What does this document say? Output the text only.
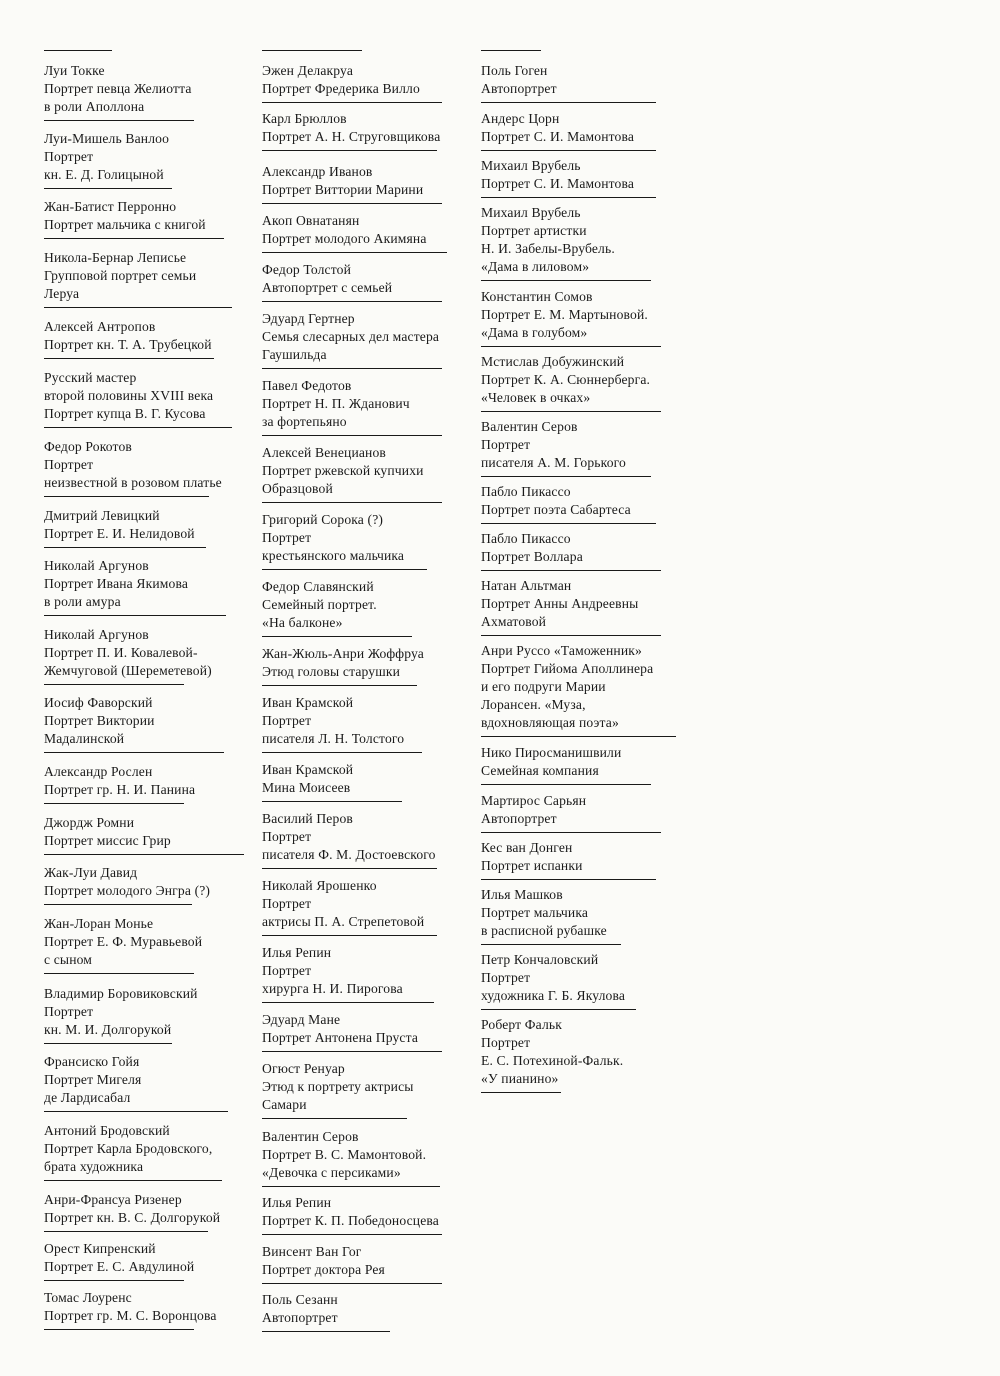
Луи Токке
Портрет певца Желиотта
в роли Аполлона
Луи-Мишель Ванлоо
Портрет
кн. Е. Д. Голицыной
Жан-Батист Перронно
Портрет мальчика с книгой
Никола-Бернар Леписье
Групповой портрет семьи
Леруа
Алексей Антропов
Портрет кн. Т. А. Трубецкой
Русский мастер
второй половины XVIII века
Портрет купца В. Г. Кусова
Федор Рокотов
Портрет
неизвестной в розовом платье
Дмитрий Левицкий
Портрет Е. И. Нелидовой
Николай Аргунов
Портрет Ивана Якимова
в роли амура
Николай Аргунов
Портрет П. И. Ковалевой-
Жемчуговой (Шереметевой)
Иосиф Фаворский
Портрет Виктории
Мадалинской
Александр Рослен
Портрет гр. Н. И. Панина
Джордж Ромни
Портрет миссис Грир
Жак-Луи Давид
Портрет молодого Энгра (?)
Жан-Лоран Монье
Портрет Е. Ф. Муравьевой
с сыном
Владимир Боровиковский
Портрет
кн. М. И. Долгорукой
Франсиско Гойя
Портрет Мигеля
де Лардисабал
Антоний Бродовский
Портрет Карла Бродовского,
брата художника
Анри-Франсуа Ризенер
Портрет кн. В. С. Долгорукой
Орест Кипренский
Портрет Е. С. Авдулиной
Томас Лоуренс
Портрет гр. М. С. Воронцова
Эжен Делакруа
Портрет Фредерика Вилло
Карл Брюллов
Портрет А. Н. Струговщикова
Александр Иванов
Портрет Виттории Марини
Акоп Овнатанян
Портрет молодого Акимяна
Федор Толстой
Автопортрет с семьей
Эдуард Гертнер
Семья слесарных дел мастера
Гаушильда
Павел Федотов
Портрет Н. П. Жданович
за фортепьяно
Алексей Венецианов
Портрет ржевской купчихи
Образцовой
Григорий Сорока (?)
Портрет
крестьянского мальчика
Федор Славянский
Семейный портрет.
«На балконе»
Жан-Жюль-Анри Жоффруа
Этюд головы старушки
Иван Крамской
Портрет
писателя Л. Н. Толстого
Иван Крамской
Мина Моисеев
Василий Перов
Портрет
писателя Ф. М. Достоевского
Николай Ярошенко
Портрет
актрисы П. А. Стрепетовой
Илья Репин
Портрет
хирурга Н. И. Пирогова
Эдуард Мане
Портрет Антонена Пруста
Огюст Ренуар
Этюд к портрету актрисы
Самари
Валентин Серов
Портрет В. С. Мамонтовой.
«Девочка с персиками»
Илья Репин
Портрет К. П. Победоносцева
Винсент Ван Гог
Портрет доктора Рея
Поль Сезанн
Автопортрет
Поль Гоген
Автопортрет
Андерс Цорн
Портрет С. И. Мамонтова
Михаил Врубель
Портрет С. И. Мамонтова
Михаил Врубель
Портрет артистки
Н. И. Забелы-Врубель.
«Дама в лиловом»
Константин Сомов
Портрет Е. М. Мартыновой.
«Дама в голубом»
Мстислав Добужинский
Портрет К. А. Сюннерберга.
«Человек в очках»
Валентин Серов
Портрет
писателя А. М. Горького
Пабло Пикассо
Портрет поэта Сабартеса
Пабло Пикассо
Портрет Воллара
Натан Альтман
Портрет Анны Андреевны
Ахматовой
Анри Руссо «Таможенник»
Портрет Гийома Аполлинера
и его подруги Марии
Лорансен. «Муза,
вдохновляющая поэта»
Нико Пиросманишвили
Семейная компания
Мартирос Сарьян
Автопортрет
Кес ван Донген
Портрет испанки
Илья Машков
Портрет мальчика
в расписной рубашке
Петр Кончаловский
Портрет
художника Г. Б. Якулова
Роберт Фальк
Портрет
Е. С. Потехиной-Фальк.
«У пианино»
